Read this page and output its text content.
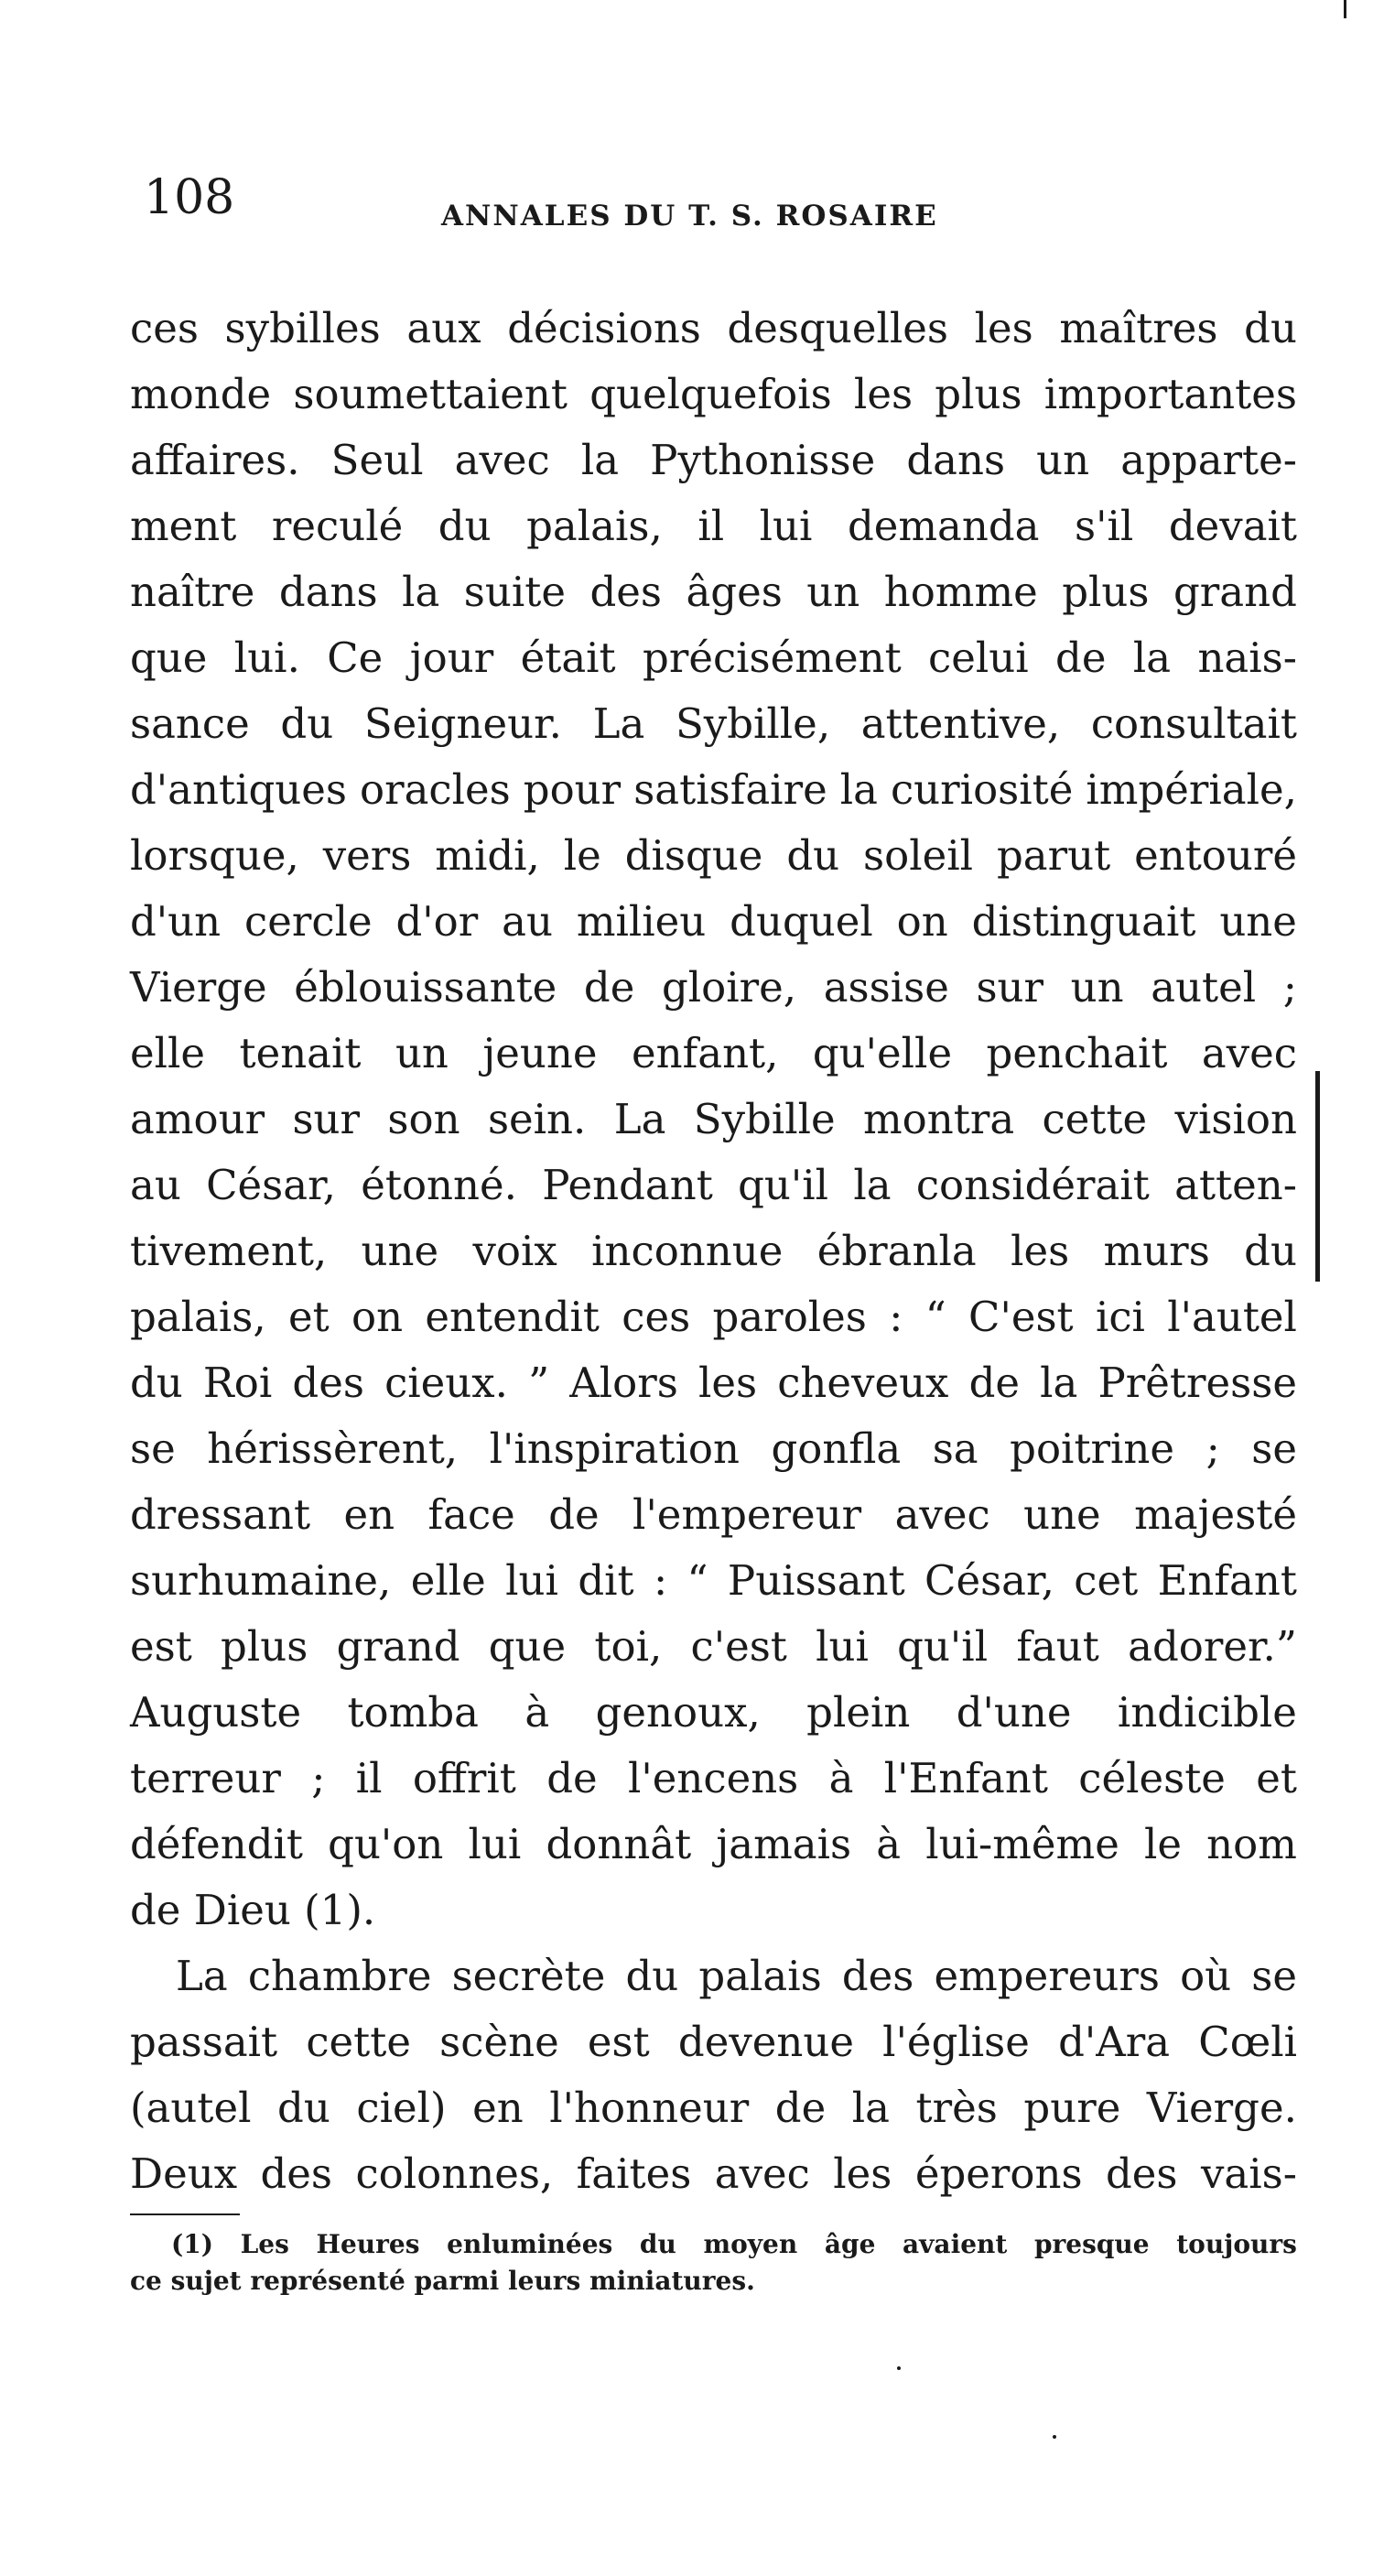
108	ANNALES DU T. S. ROSAIRE
ces sybilles aux décisions desquelles les maîtres du
monde soumettaient quelquefois les plus importantes
affaires. Seul avec la Pythonisse dans un apparte-
ment reculé du palais, il lui demanda s'il devait
naître dans la suite des âges un homme plus grand
que lui. Ce jour était précisément celui de la nais-
sance du Seigneur. La Sybille, attentive, consultait
d'antiques oracles pour satisfaire la curiosité impériale,
lorsque, vers midi, le disque du soleil parut entouré
d'un cercle d'or au milieu duquel on distinguait une
Vierge éblouissante de gloire, assise sur un autel ;
elle tenait un jeune enfant, qu'elle penchait avec
amour sur son sein. La Sybille montra cette vision
au César, étonné. Pendant qu'il la considérait atten-
tivement, une voix inconnue ébranla les murs du
palais, et on entendit ces paroles : “ C'est ici l'autel
du Roi des cieux. ” Alors les cheveux de la Prêtresse
se hérissèrent, l'inspiration gonfla sa poitrine ; se
dressant en face de l'empereur avec une majesté
surhumaine, elle lui dit : “ Puissant César, cet Enfant
est plus grand que toi, c'est lui qu'il faut adorer.”
Auguste tomba à genoux, plein d'une indicible
terreur ; il offrit de l'encens à l'Enfant céleste et
défendit qu'on lui donnât jamais à lui-même le nom
de Dieu (1).
La chambre secrète du palais des empereurs où se
passait cette scène est devenue l'église d'Ara Cœli
(autel du ciel) en l'honneur de la très pure Vierge.
Deux des colonnes, faites avec les éperons des vais-
(1) Les Heures enluminées du moyen âge avaient presque toujours
ce sujet représenté parmi leurs miniatures.
